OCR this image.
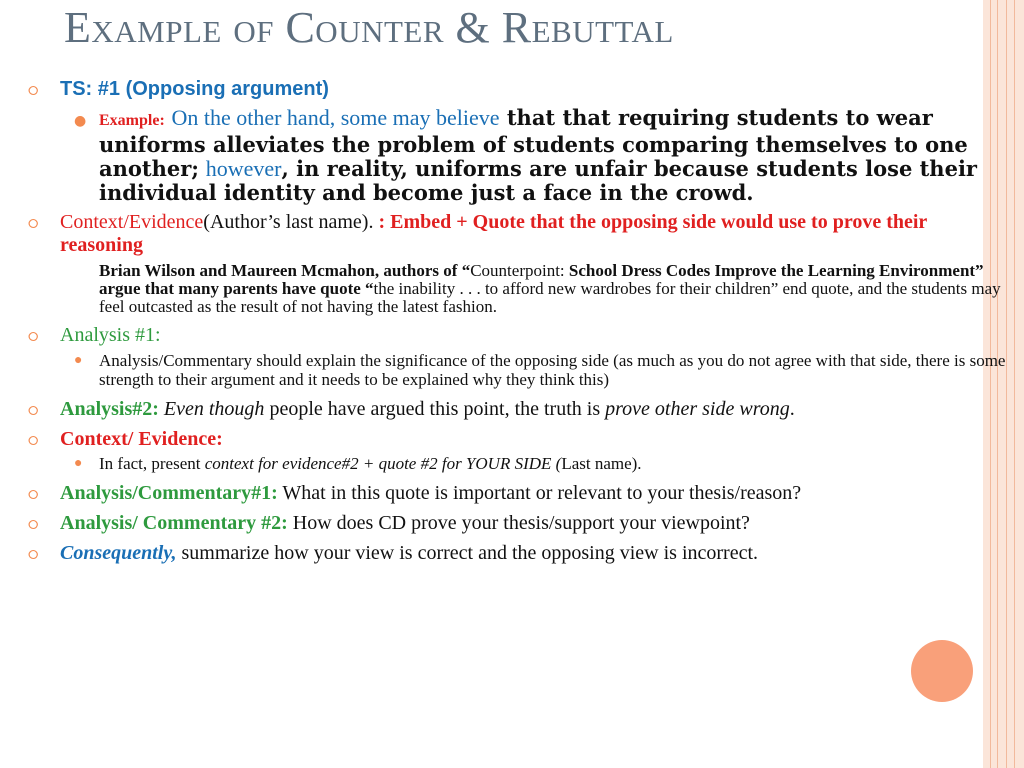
Example of Counter & Rebuttal
⭘ TS: #1 (Opposing argument)
● Example: On the other hand, some may believe that that requiring students to wear uniforms alleviates the problem of students comparing themselves to one another; however, in reality, uniforms are unfair because students lose their individual identity and become just a face in the crowd.
⭘ Context/Evidence(Author’s last name). : Embed + Quote that the opposing side would use to prove their reasoning
Brian Wilson and Maureen Mcmahon, authors of “Counterpoint: School Dress Codes Improve the Learning Environment” argue that many parents have quote “the inability . . . to afford new wardrobes for their children” end quote, and the students may feel outcasted as the result of not having the latest fashion.
⭘ Analysis #1:
● Analysis/Commentary should explain the significance of the opposing side (as much as you do not agree with that side, there is some strength to their argument and it needs to be explained why they think this)
⭘ Analysis#2: Even though people have argued this point, the truth is prove other side wrong.
⭘ Context/ Evidence:
● In fact, present context for evidence#2 + quote #2 for YOUR SIDE (Last name).
⭘ Analysis/Commentary#1: What in this quote is important or relevant to your thesis/reason?
⭘ Analysis/ Commentary #2: How does CD prove your thesis/support your viewpoint?
⭘ Consequently, summarize how your view is correct and the opposing view is incorrect.
